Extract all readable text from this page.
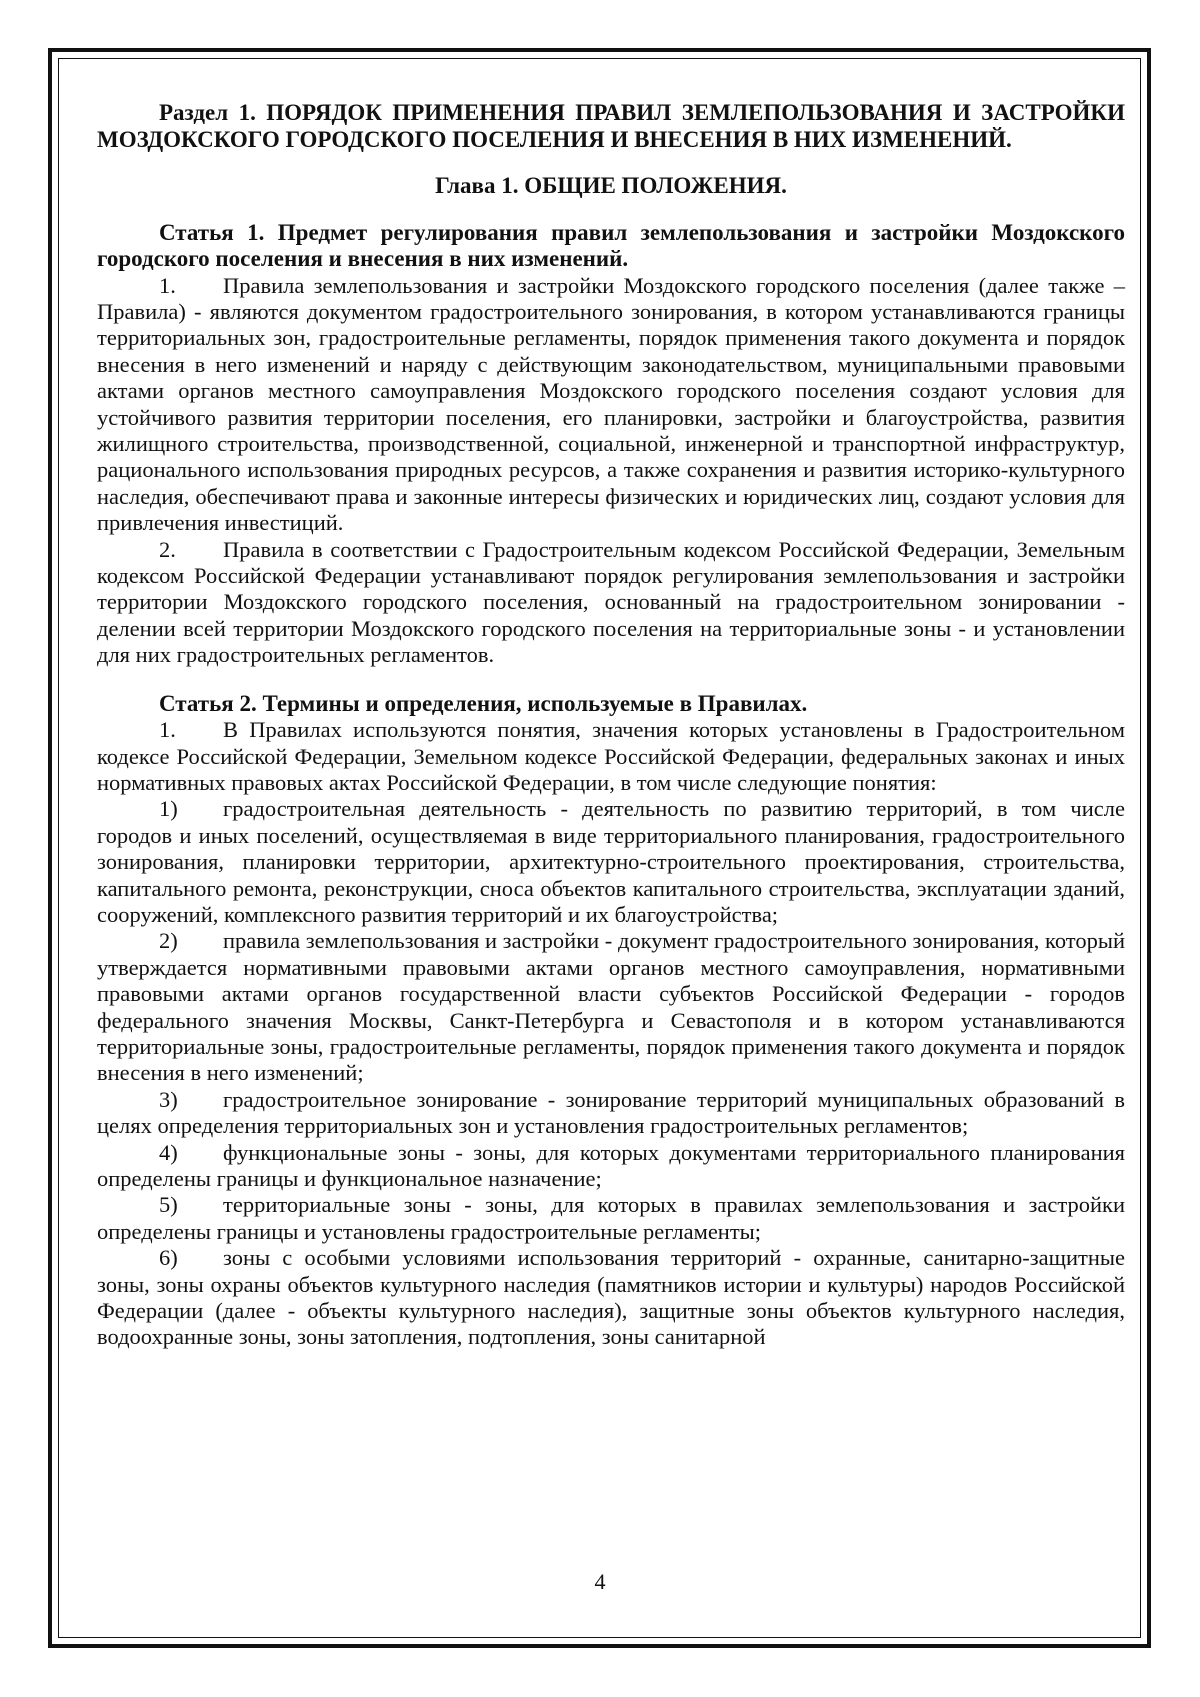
Раздел 1. ПОРЯДОК ПРИМЕНЕНИЯ ПРАВИЛ ЗЕМЛЕПОЛЬЗОВАНИЯ И ЗАСТРОЙКИ МОЗДОКСКОГО ГОРОДСКОГО ПОСЕЛЕНИЯ И ВНЕСЕНИЯ В НИХ ИЗМЕНЕНИЙ.

Глава 1. ОБЩИЕ ПОЛОЖЕНИЯ.

Статья 1. Предмет регулирования правил землепользования и застройки Моздокского городского поселения и внесения в них изменений.

1. Правила землепользования и застройки Моздокского городского поселения (далее также – Правила) - являются документом градостроительного зонирования, в котором устанавливаются границы территориальных зон, градостроительные регламенты, порядок применения такого документа и порядок внесения в него изменений и наряду с действующим законодательством, муниципальными правовыми актами органов местного самоуправления Моздокского городского поселения создают условия для устойчивого развития территории поселения, его планировки, застройки и благоустройства, развития жилищного строительства, производственной, социальной, инженерной и транспортной инфраструктур, рационального использования природных ресурсов, а также сохранения и развития историко-культурного наследия, обеспечивают права и законные интересы физических и юридических лиц, создают условия для привлечения инвестиций.

2. Правила в соответствии с Градостроительным кодексом Российской Федерации, Земельным кодексом Российской Федерации устанавливают порядок регулирования землепользования и застройки территории Моздокского городского поселения, основанный на градостроительном зонировании - делении всей территории Моздокского городского поселения на территориальные зоны - и установлении для них градостроительных регламентов.

Статья 2. Термины и определения, используемые в Правилах.

1. В Правилах используются понятия, значения которых установлены в Градостроительном кодексе Российской Федерации, Земельном кодексе Российской Федерации, федеральных законах и иных нормативных правовых актах Российской Федерации, в том числе следующие понятия:

1) градостроительная деятельность - деятельность по развитию территорий, в том числе городов и иных поселений, осуществляемая в виде территориального планирования, градостроительного зонирования, планировки территории, архитектурно-строительного проектирования, строительства, капитального ремонта, реконструкции, сноса объектов капитального строительства, эксплуатации зданий, сооружений, комплексного развития территорий и их благоустройства;

2) правила землепользования и застройки - документ градостроительного зонирования, который утверждается нормативными правовыми актами органов местного самоуправления, нормативными правовыми актами органов государственной власти субъектов Российской Федерации - городов федерального значения Москвы, Санкт-Петербурга и Севастополя и в котором устанавливаются территориальные зоны, градостроительные регламенты, порядок применения такого документа и порядок внесения в него изменений;

3) градостроительное зонирование - зонирование территорий муниципальных образований в целях определения территориальных зон и установления градостроительных регламентов;

4) функциональные зоны - зоны, для которых документами территориального планирования определены границы и функциональное назначение;

5) территориальные зоны - зоны, для которых в правилах землепользования и застройки определены границы и установлены градостроительные регламенты;

6) зоны с особыми условиями использования территорий - охранные, санитарно-защитные зоны, зоны охраны объектов культурного наследия (памятников истории и культуры) народов Российской Федерации (далее - объекты культурного наследия), защитные зоны объектов культурного наследия, водоохранные зоны, зоны затопления, подтопления, зоны санитарной

4
